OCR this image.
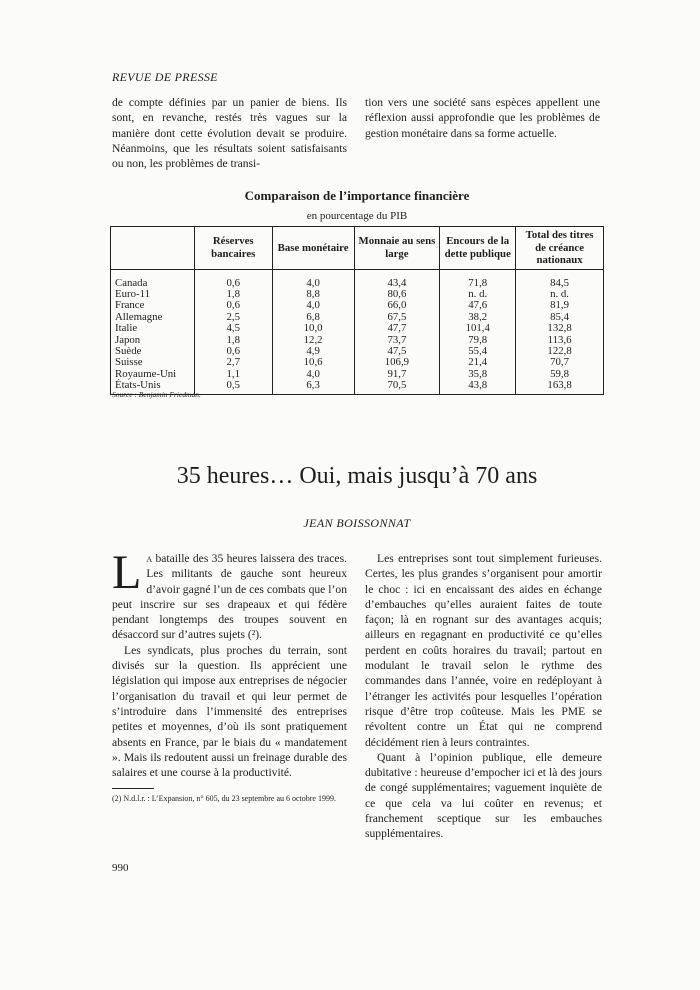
REVUE DE PRESSE

de compte définies par un panier de biens. Ils sont, en revanche, restés très vagues sur la manière dont cette évolution devait se produire. Néanmoins, que les résultats soient satisfaisants ou non, les problèmes de transi-

tion vers une société sans espèces appellent une réflexion aussi approfondie que les problèmes de gestion monétaire dans sa forme actuelle.

Comparaison de l’importance financière
en pourcentage du PIB
	Réserves bancaires	Base monétaire	Monnaie au sens large	Encours de la dette publique	Total des titres de créance nationaux
Canada	0,6	4,0	43,4	71,8	84,5
Euro-11	1,8	8,8	80,6	n. d.	n. d.
France	0,6	4,0	66,0	47,6	81,9
Allemagne	2,5	6,8	67,5	38,2	85,4
Italie	4,5	10,0	47,7	101,4	132,8
Japon	1,8	12,2	73,7	79,8	113,6
Suède	0,6	4,9	47,5	55,4	122,8
Suisse	2,7	10,6	106,9	21,4	70,7
Royaume-Uni	1,1	4,0	91,7	35,8	59,8
États-Unis	0,5	6,3	70,5	43,8	163,8
Source : Benjamin Friedman.
35 heures… Oui, mais jusqu’à 70 ans
JEAN BOISSONNAT

La bataille des 35 heures laissera des traces. Les militants de gauche sont heureux d’avoir gagné l’un de ces combats que l’on peut inscrire sur ses drapeaux et qui fédère pendant longtemps des troupes souvent en désaccord sur d’autres sujets (²).

Les syndicats, plus proches du terrain, sont divisés sur la question. Ils apprécient une législation qui impose aux entreprises de négocier l’organisation du travail et qui leur permet de s’introduire dans l’immensité des entreprises petites et moyennes, d’où ils sont pratiquement absents en France, par le biais du « mandatement ». Mais ils redoutent aussi un freinage durable des salaires et une course à la productivité.

Les entreprises sont tout simplement furieuses. Certes, les plus grandes s’organisent pour amortir le choc : ici en encaissant des aides en échange d’embauches qu’elles auraient faites de toute façon; là en rognant sur des avantages acquis; ailleurs en regagnant en productivité ce qu’elles perdent en coûts horaires du travail; partout en modulant le travail selon le rythme des commandes dans l’année, voire en redéployant à l’étranger les activités pour lesquelles l’opération risque d’être trop coûteuse. Mais les PME se révoltent contre un État qui ne comprend décidément rien à leurs contraintes.

Quant à l’opinion publique, elle demeure dubitative : heureuse d’empocher ici et là des jours de congé supplémentaires; vaguement inquiète de ce que cela va lui coûter en revenus; et franchement sceptique sur les embauches supplémentaires.

(2) N.d.l.r. : L’Expansion, n° 605, du 23 septembre au 6 octobre 1999.
990
